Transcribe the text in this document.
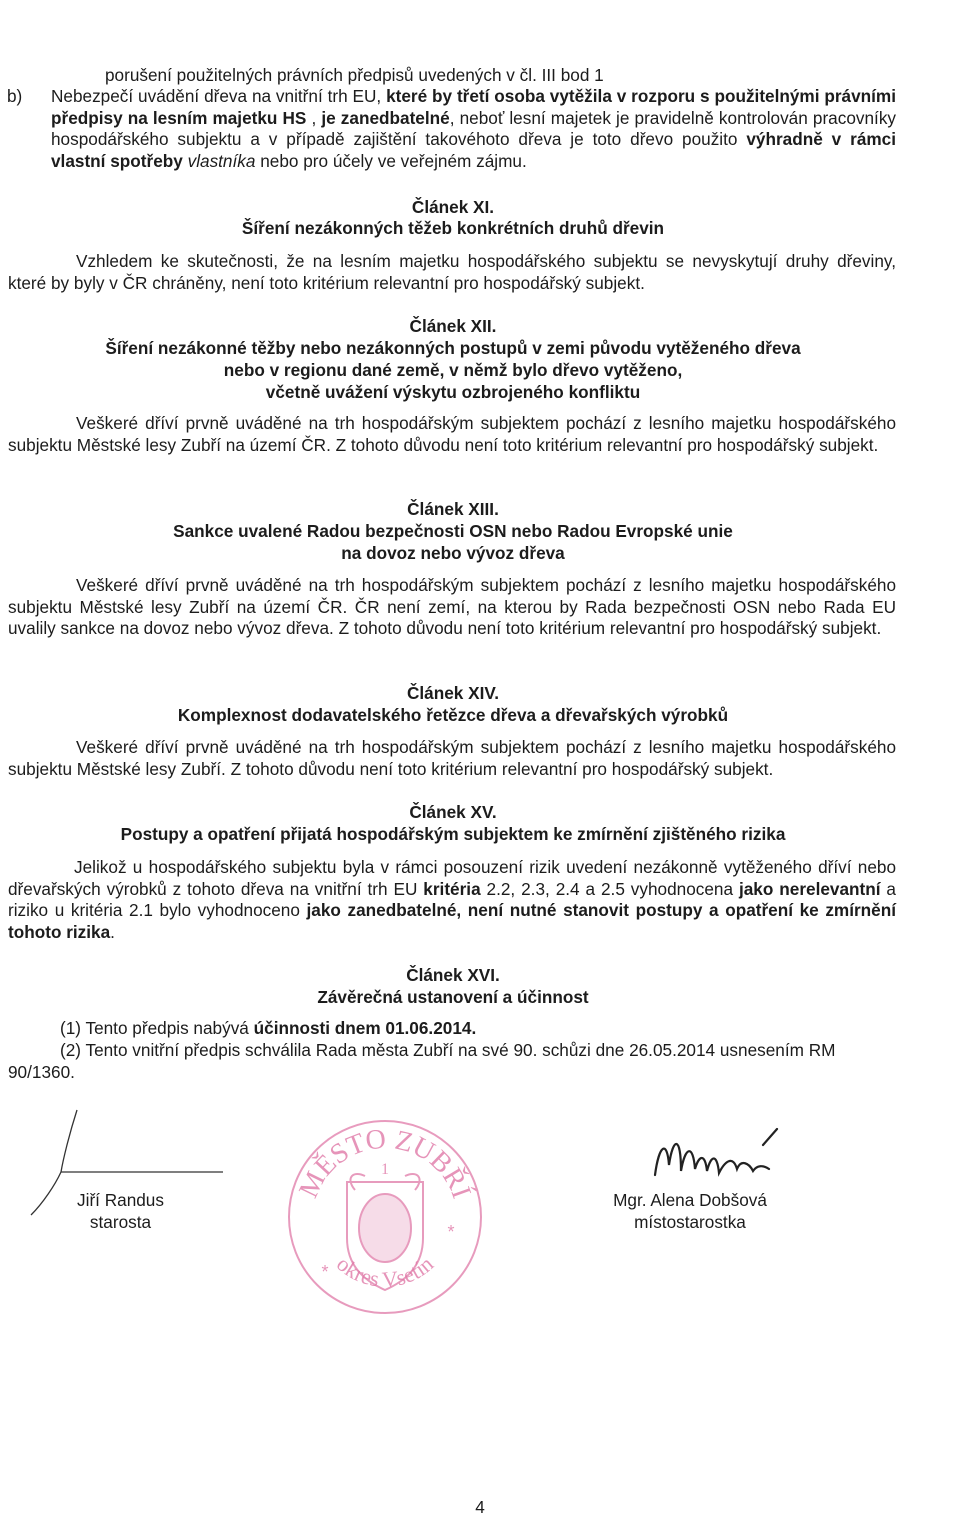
porušení použitelných právních předpisů uvedených v čl. III bod 1
b)	Nebezpečí uvádění dřeva na vnitřní trh EU, které by třetí osoba vytěžila v rozporu s použitelnými právními předpisy na lesním majetku HS , je zanedbatelné, neboť lesní majetek je pravidelně kontrolován pracovníky hospodářského subjektu a v případě zajištění takovéhoto dřeva je toto dřevo použito výhradně v rámci vlastní spotřeby vlastníka nebo pro účely ve veřejném zájmu.
Článek XI.
Šíření nezákonných těžeb konkrétních druhů dřevin
Vzhledem ke skutečnosti, že na lesním majetku hospodářského subjektu se nevyskytují druhy dřeviny, které by byly v ČR chráněny, není toto kritérium relevantní pro hospodářský subjekt.
Článek XII.
Šíření nezákonné těžby nebo nezákonných postupů v zemi původu vytěženého dřeva
nebo v regionu dané země, v němž bylo dřevo vytěženo,
včetně uvážení výskytu ozbrojeného konfliktu
Veškeré dříví prvně uváděné na trh hospodářským subjektem pochází z lesního majetku hospodářského subjektu Městské lesy Zubří na území ČR. Z tohoto důvodu není toto kritérium relevantní pro hospodářský subjekt.
Článek XIII.
Sankce uvalené Radou bezpečnosti OSN nebo Radou Evropské unie
na dovoz nebo vývoz dřeva
Veškeré dříví prvně uváděné na trh hospodářským subjektem pochází z lesního majetku hospodářského subjektu Městské lesy Zubří na území ČR. ČR není zemí, na kterou by Rada bezpečnosti OSN nebo Rada EU uvalily sankce na dovoz nebo vývoz dřeva. Z tohoto důvodu není toto kritérium relevantní pro hospodářský subjekt.
Článek XIV.
Komplexnost dodavatelského řetězce dřeva a dřevařských výrobků
Veškeré dříví prvně uváděné na trh hospodářským subjektem pochází z lesního majetku hospodářského subjektu Městské lesy Zubří. Z tohoto důvodu není toto kritérium relevantní pro hospodářský subjekt.
Článek XV.
Postupy a opatření přijatá hospodářským subjektem ke zmírnění zjištěného rizika
Jelikož u hospodářského subjektu byla v rámci posouzení rizik uvedení nezákonně vytěženého dříví nebo dřevařských výrobků z tohoto dřeva na vnitřní trh EU kritéria 2.2, 2.3, 2.4 a 2.5 vyhodnocena jako nerelevantní a riziko u kritéria 2.1 bylo vyhodnoceno jako zanedbatelné, není nutné stanovit postupy a opatření ke zmírnění tohoto rizika.
Článek XVI.
Závěrečná ustanovení a účinnost
(1) Tento předpis nabývá účinnosti dnem 01.06.2014.
(2) Tento vnitřní předpis schválila Rada města Zubří na své 90. schůzi dne 26.05.2014 usnesením RM 90/1360.
Jiří Randus
starosta
MĚSTO ZUBŘÍ
okres Vsetín
1
*
*
Mgr. Alena Dobšová
místostarostka
4
